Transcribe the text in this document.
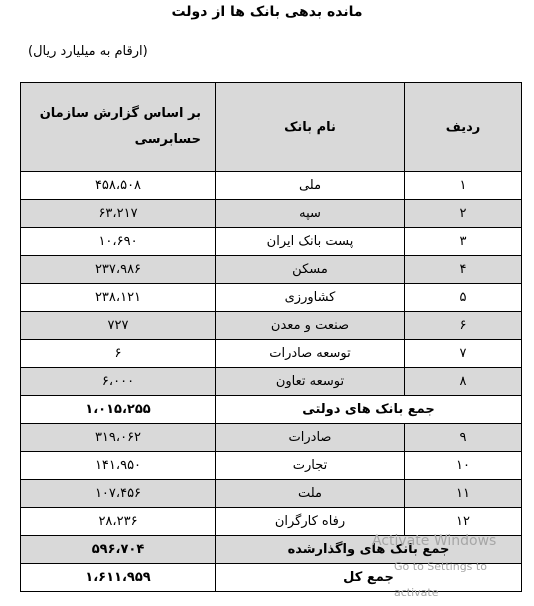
مانده بدهی بانک ها از دولت
(ارقام به میلیارد ریال)
بر اساس گزارش سازمان حسابرسی	نام بانک	ردیف
۴۵۸،۵۰۸	ملی	۱
۶۳،۲۱۷	سپه	۲
۱۰،۶۹۰	پست بانک ایران	۳
۲۳۷،۹۸۶	مسکن	۴
۲۳۸،۱۲۱	کشاورزی	۵
۷۲۷	صنعت و معدن	۶
۶	توسعه صادرات	۷
۶،۰۰۰	توسعه تعاون	۸
۱،۰۱۵،۲۵۵	جمع بانک های دولتی	
۳۱۹،۰۶۲	صادرات	۹
۱۴۱،۹۵۰	تجارت	۱۰
۱۰۷،۴۵۶	ملت	۱۱
۲۸،۲۳۶	رفاه کارگران	۱۲
۵۹۶،۷۰۴	جمع بانک های واگذارشده	
۱،۶۱۱،۹۵۹	جمع کل	
Activate Windows
Go to Settings to activate
